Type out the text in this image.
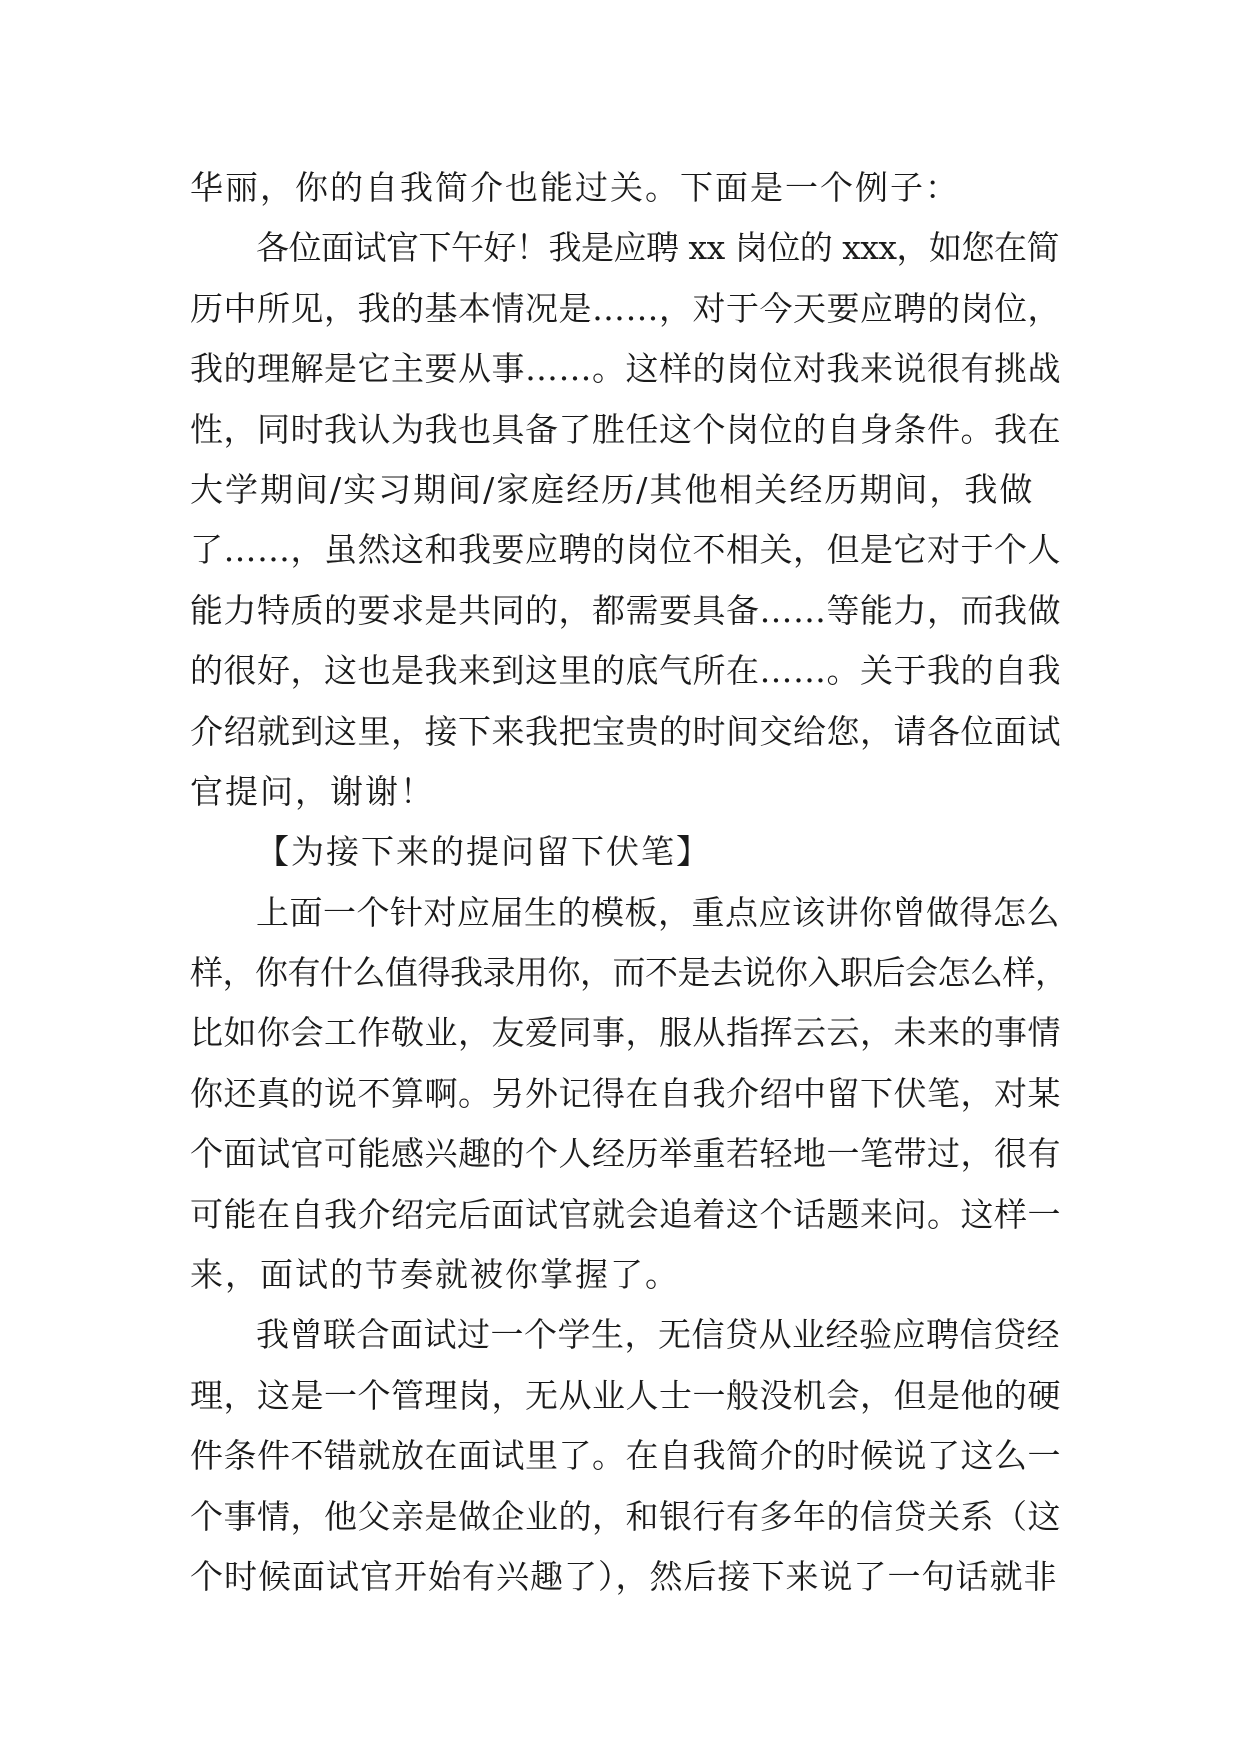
华丽，你的自我简介也能过关。下面是一个例子：
各位面试官下午好！我是应聘 xx 岗位的 xxx，如您在简
历中所见，我的基本情况是……，对于今天要应聘的岗位，
我的理解是它主要从事……。这样的岗位对我来说很有挑战
性，同时我认为我也具备了胜任这个岗位的自身条件。我在
大学期间/实习期间/家庭经历/其他相关经历期间，我做
了……，虽然这和我要应聘的岗位不相关，但是它对于个人
能力特质的要求是共同的，都需要具备……等能力，而我做
的很好，这也是我来到这里的底气所在……。关于我的自我
介绍就到这里，接下来我把宝贵的时间交给您，请各位面试
官提问，谢谢！
【为接下来的提问留下伏笔】
上面一个针对应届生的模板，重点应该讲你曾做得怎么
样，你有什么值得我录用你，而不是去说你入职后会怎么样，
比如你会工作敬业，友爱同事，服从指挥云云，未来的事情
你还真的说不算啊。另外记得在自我介绍中留下伏笔，对某
个面试官可能感兴趣的个人经历举重若轻地一笔带过，很有
可能在自我介绍完后面试官就会追着这个话题来问。这样一
来，面试的节奏就被你掌握了。
我曾联合面试过一个学生，无信贷从业经验应聘信贷经
理，这是一个管理岗，无从业人士一般没机会，但是他的硬
件条件不错就放在面试里了。在自我简介的时候说了这么一
个事情，他父亲是做企业的，和银行有多年的信贷关系（这
个时候面试官开始有兴趣了），然后接下来说了一句话就非
